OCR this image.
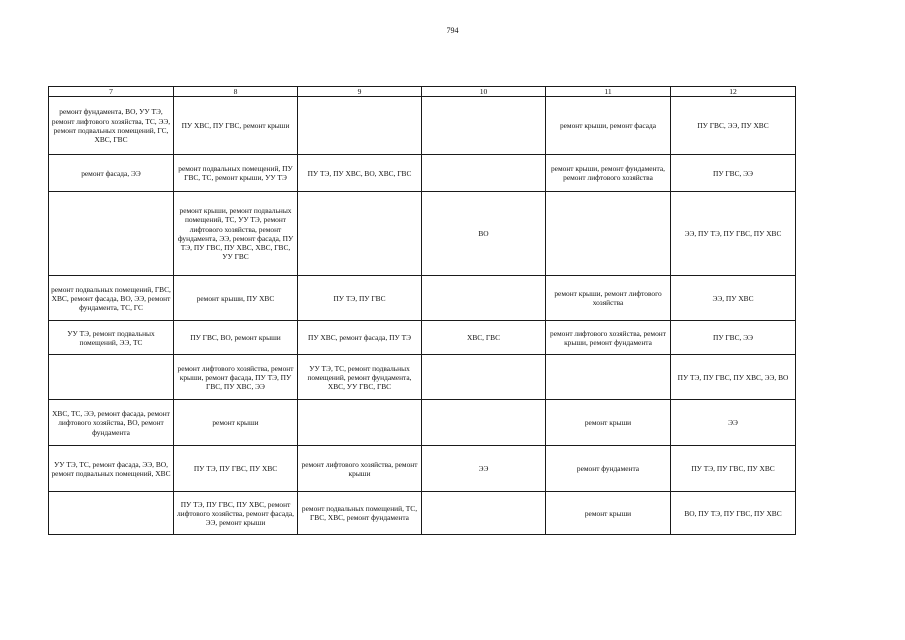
794
7	8	9	10	11	12
ремонт фундамента, ВО, УУ ТЭ, ремонт лифтового хозяйства, ТС, ЭЭ, ремонт подвальных помещений, ГС, ХВС, ГВС	ПУ ХВС, ПУ ГВС, ремонт крыши			ремонт крыши, ремонт фасада	ПУ ГВС, ЭЭ, ПУ ХВС
ремонт фасада, ЭЭ	ремонт подвальных помещений, ПУ ГВС, ТС, ремонт крыши, УУ ТЭ	ПУ ТЭ, ПУ ХВС, ВО, ХВС, ГВС		ремонт крыши, ремонт фундамента, ремонт лифтового хозяйства	ПУ ГВС, ЭЭ
	ремонт крыши, ремонт подвальных помещений, ТС, УУ ТЭ, ремонт лифтового хозяйства, ремонт фундамента, ЭЭ, ремонт фасада, ПУ ТЭ, ПУ ГВС, ПУ ХВС, ХВС, ГВС, УУ ГВС		ВО		ЭЭ, ПУ ТЭ, ПУ ГВС, ПУ ХВС
ремонт подвальных помещений, ГВС, ХВС, ремонт фасада, ВО, ЭЭ, ремонт фундамента, ТС, ГС	ремонт крыши, ПУ ХВС	ПУ ТЭ, ПУ ГВС		ремонт крыши, ремонт лифтового хозяйства	ЭЭ, ПУ ХВС
УУ ТЭ, ремонт подвальных помещений, ЭЭ, ТС	ПУ ГВС, ВО, ремонт крыши	ПУ ХВС, ремонт фасада, ПУ ТЭ	ХВС, ГВС	ремонт лифтового хозяйства, ремонт крыши, ремонт фундамента	ПУ ГВС, ЭЭ
	ремонт лифтового хозяйства, ремонт крыши, ремонт фасада, ПУ ТЭ, ПУ ГВС, ПУ ХВС, ЭЭ	УУ ТЭ, ТС, ремонт подвальных помещений, ремонт фундамента, ХВС, УУ ГВС, ГВС			ПУ ТЭ, ПУ ГВС, ПУ ХВС, ЭЭ, ВО
ХВС, ТС, ЭЭ, ремонт фасада, ремонт лифтового хозяйства, ВО, ремонт фундамента	ремонт крыши			ремонт крыши	ЭЭ
УУ ТЭ, ТС, ремонт фасада, ЭЭ, ВО, ремонт подвальных помещений, ХВС	ПУ ТЭ, ПУ ГВС, ПУ ХВС	ремонт лифтового хозяйства, ремонт крыши	ЭЭ	ремонт фундамента	ПУ ТЭ, ПУ ГВС, ПУ ХВС
	ПУ ТЭ, ПУ ГВС, ПУ ХВС, ремонт лифтового хозяйства, ремонт фасада, ЭЭ, ремонт крыши	ремонт подвальных помещений, ТС, ГВС, ХВС, ремонт фундамента		ремонт крыши	ВО, ПУ ТЭ, ПУ ГВС, ПУ ХВС
